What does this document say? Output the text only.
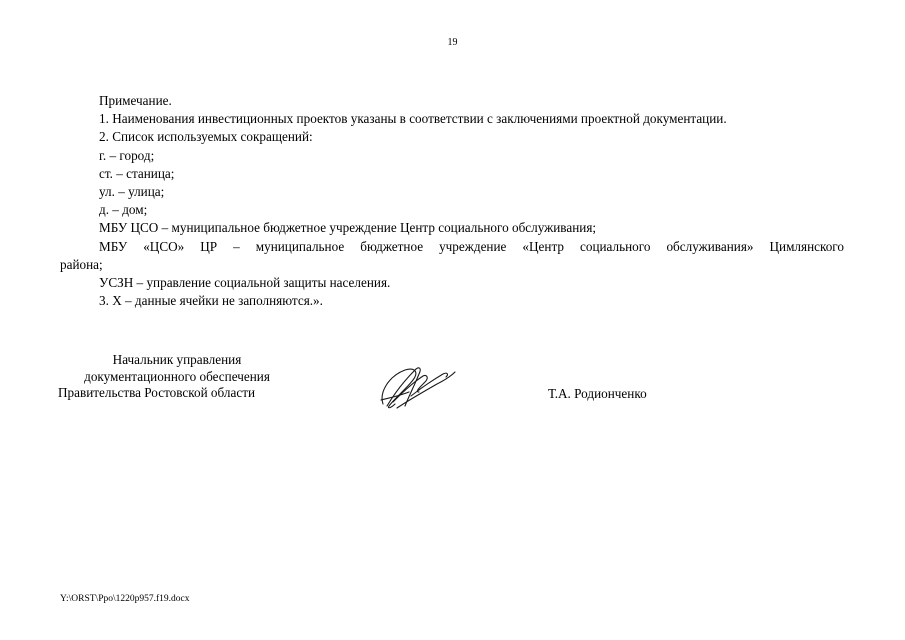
19

Примечание.

1. Наименования инвестиционных проектов указаны в соответствии с заключениями проектной документации.

2. Список используемых сокращений:

г. – город;

ст. – станица;

ул. – улица;

д. – дом;

МБУ ЦСО – муниципальное бюджетное учреждение Центр социального обслуживания;

МБУ «ЦСО» ЦР – муниципальное бюджетное учреждение «Центр социального обслуживания» Цимлянского

района;

УСЗН – управление социальной защиты населения.

3. Х – данные ячейки не заполняются.».

Начальник управления
документационного обеспечения
Правительства Ростовской области	Т.А. Родионченко
Y:\ORST\Ppo\1220p957.f19.docx
